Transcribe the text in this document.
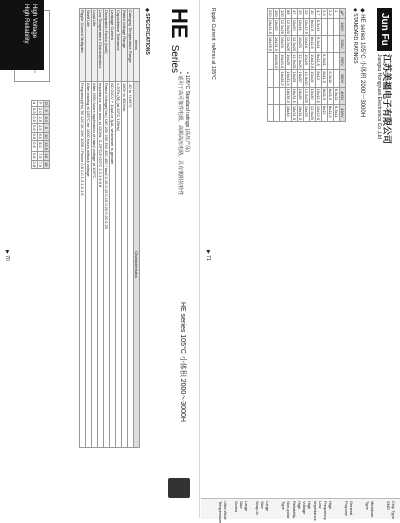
HE Series
HE series 105°C 小体积 2000～3000H
• 105°C Standard ratings (高压产品)
• 适用于高可靠性电源，高频高压电路，具有低阻抗特性
◆ SPECIFICATIONS
Items	Characteristics
Category Temperature Range	-40 to +105°C
Rated Voltage Range	160V to 450Vdc
Capacitance Tolerance	± 20% (M) (at 20°C 120Hz)
Leakage Current	I≤0.01CV + 10μA or 3μA, whichever is greater
Dissipation Factor (tanδ)	Rated Voltage(Vdc) 160 200 250 350 400 450 / tanδ 0.15 0.15 0.15 0.20 0.20 0.25
Low Temperature Characteristics	Impedance ratio max at 120Hz: Z-25°C/Z+20°C 3 3 3 6 6 8
Load Life	After 2000 hours application of rated voltage at 105°C
Shelf Life	After leaving at 105°C for 1000 hours without voltage
Ripple Current Multiplier	Frequency(Hz) 50 120 1K 10K 100K / Factor 0.8 1.0 1.3 1.5 1.6
D	5	6.3	8	10	12.5	16	18
F	2.0	2.5	3.5	5.0	5.0	7.5	7.5
d	0.5	0.5	0.6	0.6	0.6	0.8	0.8
High Voltage
High Reliability
▶ 70
Jun Fu
江苏美福电子有限公司
Jiangsu Hongyuan Electronics Co.,Ltd
◆ HE series 105°C 小体积 2000～3000H
◆ STANDARD RATINGS
μF	160V	200V	250V	350V	400V	450V
1					6.3x11	6.3x11
2.2				6.3x11	8x11.5	8x11.5
3.3			6.3x11	8x11.5	8x11.5	8x12
4.7	6.3x11	6.3x11	8x11.5	8x12	10x12.5	10x12.5
10	8x11.5	8x11.5	10x12.5	10x16	10x20	12.5x20
22	10x12.5	10x16	10x20	12.5x20	12.5x25	16x25
33	10x16	10x20	12.5x20	16x20	16x25	16x31.5
47	10x20	12.5x20	12.5x25	16x25	16x31.5	18x31.5
68	12.5x20	12.5x25	16x25	16x31.5	18x35.5	18x40
100	12.5x25	16x25	16x31.5	18x35.5		
150	16x25	16x31.5	18x35.5			
220	16x31.5	18x35.5				
Ripple Current: mArms at 105°C
Chip Type SMD
Miniature Type
General Purpose
High Frequency Low Impedance
High Voltage High Reliability
Non-polar Type
Large Size Snap-in
Large Size Screw
Ultra Wide Temperature
▶ 71
